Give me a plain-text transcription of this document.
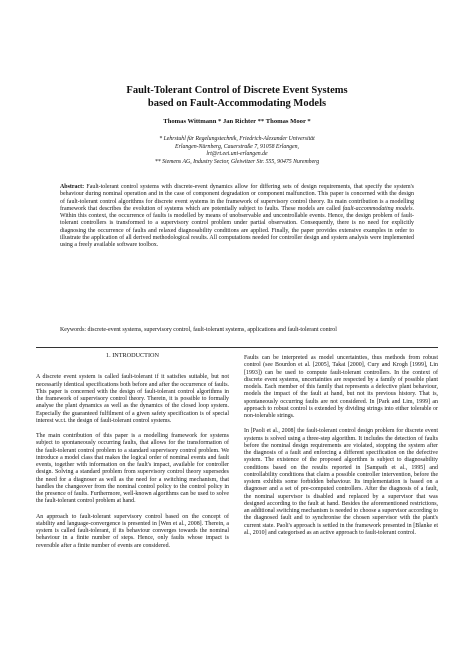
Fault-Tolerant Control of Discrete Event Systems
based on Fault-Accommodating Models
Thomas Wittmann * Jan Richter ** Thomas Moor *
* Lehrstuhl für Regelungstechnik, Friedrich-Alexander Universität
Erlangen-Nürnberg, Cauerstraße 7, 91058 Erlangen,
lrt@rt.eei.uni-erlangen.de
** Siemens AG, Industry Sector, Gleiwitzer Str. 555, 90475 Nuremberg
Abstract: Fault-tolerant control systems with discrete-event dynamics allow for differing sets of design requirements, that specify the system's behaviour during nominal operation and in the case of component degradation or component malfunction. This paper is concerned with the design of fault-tolerant control algorithms for discrete event systems in the framework of supervisory control theory. Its main contribution is a modelling framework that describes the evolution of systems which are potentially subject to faults. These models are called fault-accommodating models. Within this context, the occurrence of faults is modelled by means of unobservable and uncontrollable events. Hence, the design problem of fault-tolerant controllers is transformed to a supervisory control problem under partial observation. Consequently, there is no need for explicitly diagnosing the occurrence of faults and relaxed diagnosability conditions are applied. Finally, the paper provides extensive examples in order to illustrate the application of all derived methodological results. All computations needed for controller design and system analysis were implemented using a freely available software toolbox.
Keywords: discrete-event systems, supervisory control, fault-tolerant systems, applications and fault-tolerant control
1. INTRODUCTION

A discrete event system is called fault-tolerant if it satisfies suitable, but not necessarily identical specifications both before and after the occurrence of faults. This paper is concerned with the design of fault-tolerant control algorithms in the framework of supervisory control theory. Therein, it is possible to formally analyse the plant dynamics as well as the dynamics of the closed loop system. Especially the guaranteed fulfilment of a given safety specification is of special interest w.r.t. the design of fault-tolerant control systems.

The main contribution of this paper is a modelling framework for systems subject to spontaneously occurring faults, that allows for the transformation of the fault-tolerant control problem to a standard supervisory control problem. We introduce a model class that makes the logical order of nominal events and fault events, together with information on the fault's impact, available for controller design. Solving a standard problem from supervisory control theory supersedes the need for a diagnoser as well as the need for a switching mechanism, that handles the changeover from the nominal control policy to the control policy in the presence of faults. Furthermore, well-known algorithms can be used to solve the fault-tolerant control problem at hand.

An approach to fault-tolerant supervisory control based on the concept of stability and language-convergence is presented in [Wen et al., 2008]. Therein, a system is called fault-tolerant, if its behaviour converges towards the nominal behaviour in a finite number of steps. Hence, only faults whose impact is reversible after a finite number of events are considered.

Faults can be interpreted as model uncertainties, thus methods from robust control (see Bourdon et al. [2005], Takai [2000], Cury and Krogh [1999], Lin [1993]) can be used to compute fault-tolerant controllers. In the context of discrete event systems, uncertainties are respected by a family of possible plant models. Each member of this family that represents a defective plant behaviour, models the impact of the fault at hand, but not its previous history. That is, spontaneously occurring faults are not considered. In [Park and Lim, 1999] an approach to robust control is extended by dividing strings into either tolerable or non-tolerable strings.

In [Paoli et al., 2008] the fault-tolerant control design problem for discrete event systems is solved using a three-step algorithm. It includes the detection of faults before the nominal design requirements are violated, stopping the system after the diagnosis of a fault and enforcing a different specification on the defective system. The existence of the proposed algorithm is subject to diagnosability conditions based on the results reported in [Sampath et al., 1995] and controllability conditions that claim a possible controller intervention, before the system exhibits some forbidden behaviour. Its implementation is based on a diagnoser and a set of pre-computed controllers. After the diagnosis of a fault, the nominal supervisor is disabled and replaced by a supervisor that was designed according to the fault at hand. Besides the aforementioned restrictions, an additional switching mechanism is needed to choose a supervisor according to the diagnosed fault and to synchronise the chosen supervisor with the plant's current state. Paoli's approach is settled in the framework presented in [Blanke et al., 2010] and categorised as an active approach to fault-tolerant control.
